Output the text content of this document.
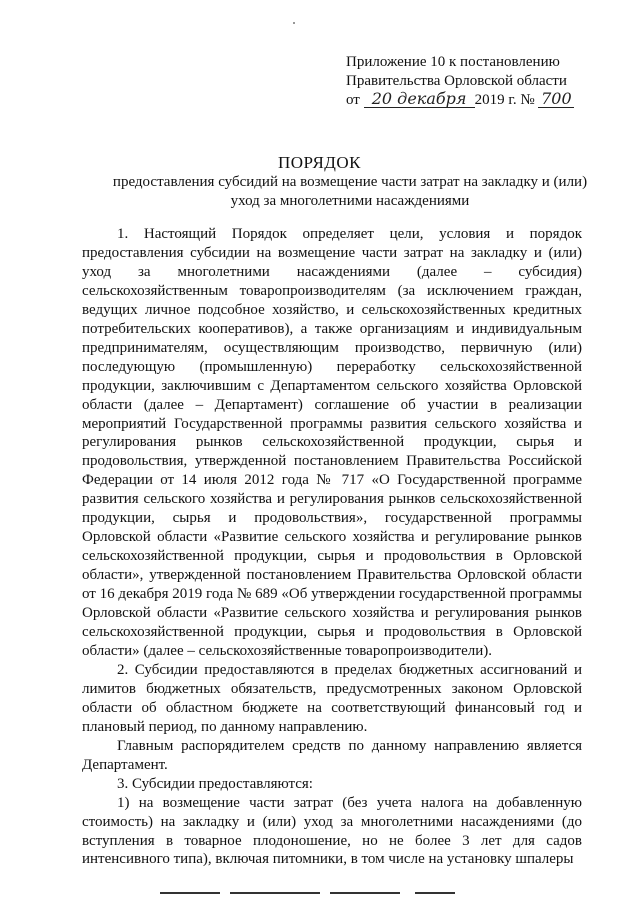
Приложение 10 к постановлению
Правительства Орловской области
от 20 декабря 2019 г. № 700
ПОРЯДОК
предоставления субсидий на возмещение части затрат на закладку и (или) уход за многолетними насаждениями

1. Настоящий Порядок определяет цели, условия и порядок предоставления субсидии на возмещение части затрат на закладку и (или) уход за многолетними насаждениями (далее – субсидия) сельскохозяйственным товаропроизводителям (за исключением граждан, ведущих личное подсобное хозяйство, и сельскохозяйственных кредитных потребительских кооперативов), а также организациям и индивидуальным предпринимателям, осуществляющим производство, первичную (или) последующую (промышленную) переработку сельскохозяйственной продукции, заключившим с Департаментом сельского хозяйства Орловской области (далее – Департамент) соглашение об участии в реализации мероприятий Государственной программы развития сельского хозяйства и регулирования рынков сельскохозяйственной продукции, сырья и продовольствия, утвержденной постановлением Правительства Российской Федерации от 14 июля 2012 года № 717 «О Государственной программе развития сельского хозяйства и регулирования рынков сельскохозяйственной продукции, сырья и продовольствия», государственной программы Орловской области «Развитие сельского хозяйства и регулирование рынков сельскохозяйственной продукции, сырья и продовольствия в Орловской области», утвержденной постановлением Правительства Орловской области от 16 декабря 2019 года № 689 «Об утверждении государственной программы Орловской области «Развитие сельского хозяйства и регулирования рынков сельскохозяйственной продукции, сырья и продовольствия в Орловской области» (далее – сельскохозяйственные товаропроизводители).

2. Субсидии предоставляются в пределах бюджетных ассигнований и лимитов бюджетных обязательств, предусмотренных законом Орловской области об областном бюджете на соответствующий финансовый год и плановый период, по данному направлению.

Главным распорядителем средств по данному направлению является Департамент.

3. Субсидии предоставляются:

1) на возмещение части затрат (без учета налога на добавленную стоимость) на закладку и (или) уход за многолетними насаждениями (до вступления в товарное плодоношение, но не более 3 лет для садов интенсивного типа), включая питомники, в том числе на установку шпалеры
